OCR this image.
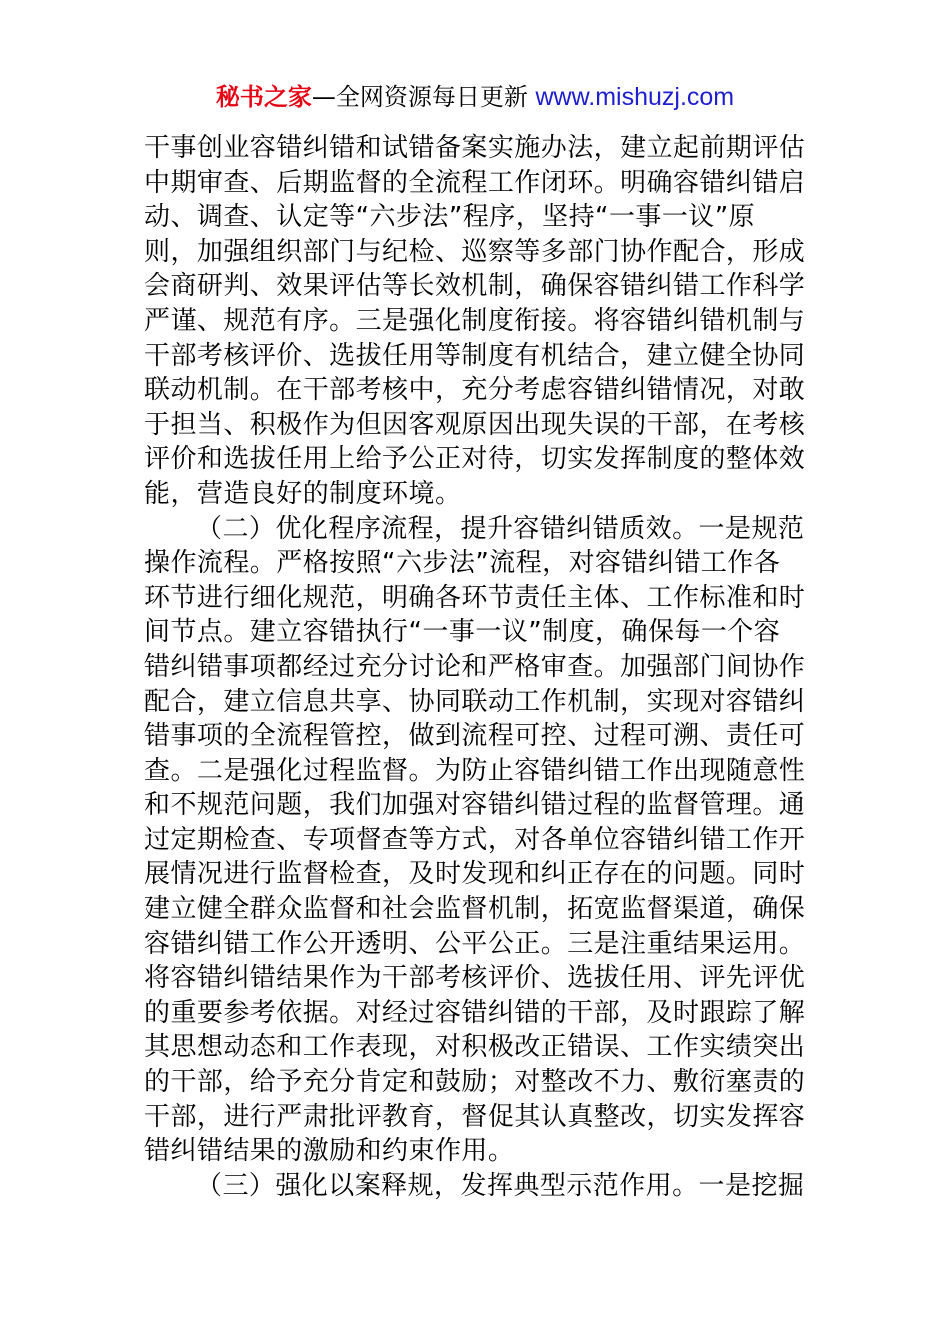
秘书之家—全网资源每日更新 www.mishuzj.com
干事创业容错纠错和试错备案实施办法，建立起前期评估
中期审查、后期监督的全流程工作闭环。明确容错纠错启
动、调查、认定等“六步法”程序，坚持“一事一议”原
则，加强组织部门与纪检、巡察等多部门协作配合，形成
会商研判、效果评估等长效机制，确保容错纠错工作科学
严谨、规范有序。三是强化制度衔接。将容错纠错机制与
干部考核评价、选拔任用等制度有机结合，建立健全协同
联动机制。在干部考核中，充分考虑容错纠错情况，对敢
于担当、积极作为但因客观原因出现失误的干部，在考核
评价和选拔任用上给予公正对待，切实发挥制度的整体效
能，营造良好的制度环境。
（二）优化程序流程，提升容错纠错质效。一是规范
操作流程。严格按照“六步法”流程，对容错纠错工作各
环节进行细化规范，明确各环节责任主体、工作标准和时
间节点。建立容错执行“一事一议”制度，确保每一个容
错纠错事项都经过充分讨论和严格审查。加强部门间协作
配合，建立信息共享、协同联动工作机制，实现对容错纠
错事项的全流程管控，做到流程可控、过程可溯、责任可
查。二是强化过程监督。为防止容错纠错工作出现随意性
和不规范问题，我们加强对容错纠错过程的监督管理。通
过定期检查、专项督查等方式，对各单位容错纠错工作开
展情况进行监督检查，及时发现和纠正存在的问题。同时
建立健全群众监督和社会监督机制，拓宽监督渠道，确保
容错纠错工作公开透明、公平公正。三是注重结果运用。
将容错纠错结果作为干部考核评价、选拔任用、评先评优
的重要参考依据。对经过容错纠错的干部，及时跟踪了解
其思想动态和工作表现，对积极改正错误、工作实绩突出
的干部，给予充分肯定和鼓励；对整改不力、敷衍塞责的
干部，进行严肃批评教育，督促其认真整改，切实发挥容
错纠错结果的激励和约束作用。
（三）强化以案释规，发挥典型示范作用。一是挖掘
